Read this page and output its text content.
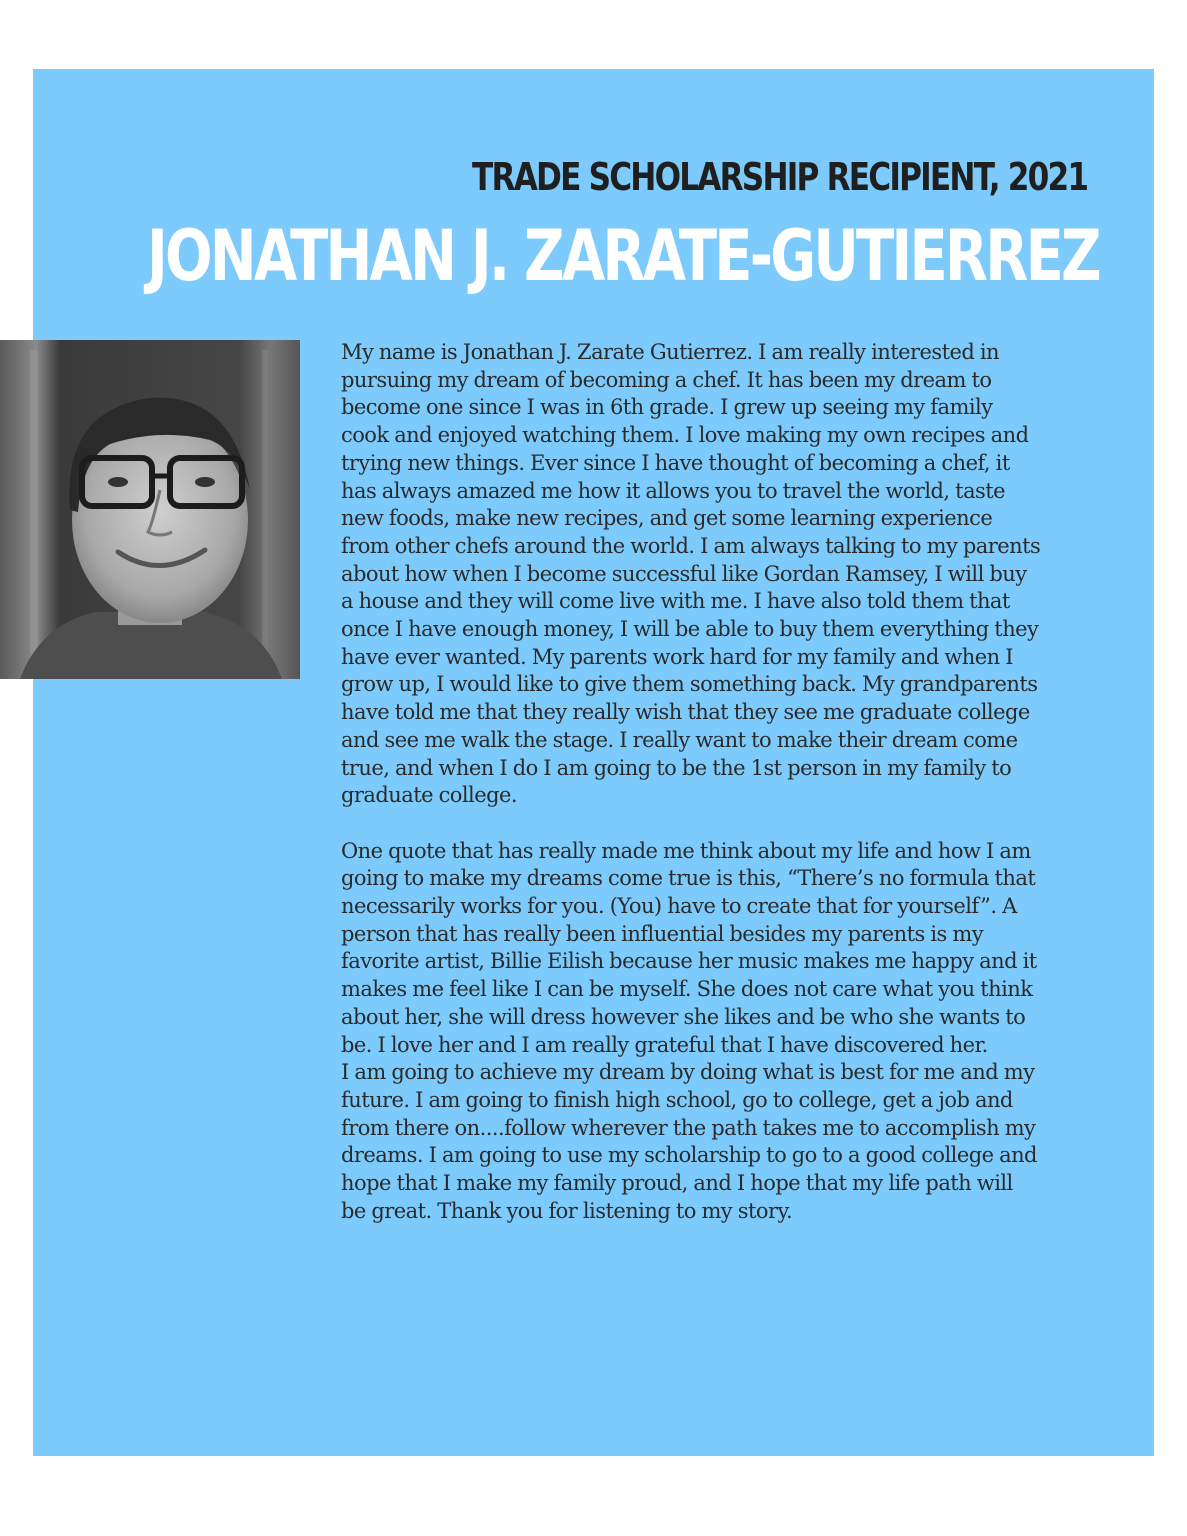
TRADE SCHOLARSHIP RECIPIENT, 2021
JONATHAN J. ZARATE-GUTIERREZ

My name is Jonathan J. Zarate Gutierrez. I am really interested in
pursuing my dream of becoming a chef. It has been my dream to
become one since I was in 6th grade. I grew up seeing my family
cook and enjoyed watching them. I love making my own recipes and
trying new things. Ever since I have thought of becoming a chef, it
has always amazed me how it allows you to travel the world, taste
new foods, make new recipes, and get some learning experience
from other chefs around the world. I am always talking to my parents
about how when I become successful like Gordan Ramsey, I will buy
a house and they will come live with me. I have also told them that
once I have enough money, I will be able to buy them everything they
have ever wanted. My parents work hard for my family and when I
grow up, I would like to give them something back. My grandparents
have told me that they really wish that they see me graduate college
and see me walk the stage. I really want to make their dream come
true, and when I do I am going to be the 1st person in my family to
graduate college.

One quote that has really made me think about my life and how I am
going to make my dreams come true is this, “There’s no formula that
necessarily works for you. (You) have to create that for yourself”. A
person that has really been influential besides my parents is my
favorite artist, Billie Eilish because her music makes me happy and it
makes me feel like I can be myself. She does not care what you think
about her, she will dress however she likes and be who she wants to
be. I love her and I am really grateful that I have discovered her.
I am going to achieve my dream by doing what is best for me and my
future. I am going to finish high school, go to college, get a job and
from there on....follow wherever the path takes me to accomplish my
dreams. I am going to use my scholarship to go to a good college and
hope that I make my family proud, and I hope that my life path will
be great. Thank you for listening to my story.
